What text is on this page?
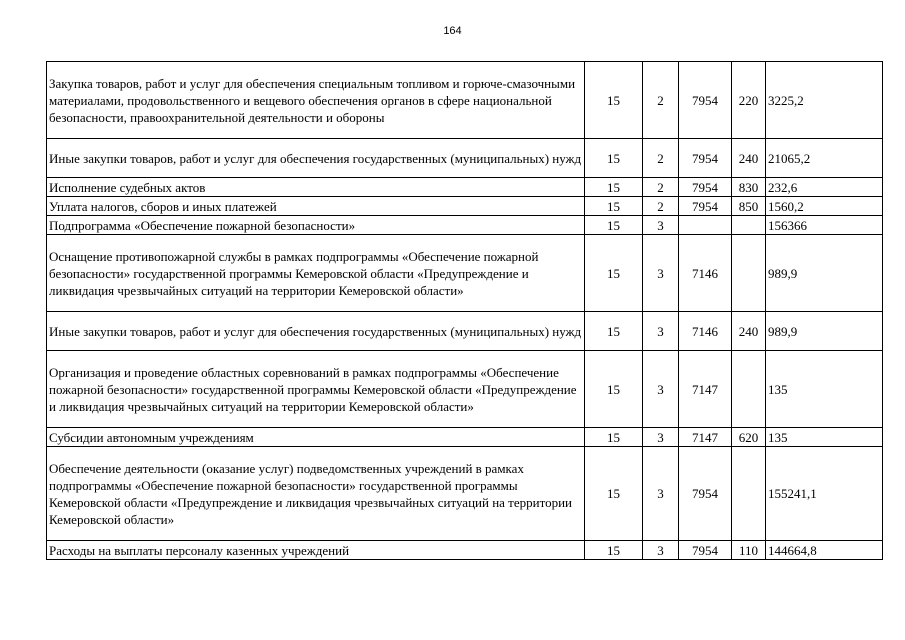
164
Закупка товаров, работ и услуг для обеспечения специальным топливом и горюче-смазочными материалами, продовольственного и вещевого обеспечения органов в сфере национальной безопасности, правоохранительной деятельности и обороны	15	2	7954	220	3225,2
Иные закупки товаров, работ и услуг для обеспечения государственных (муниципальных) нужд	15	2	7954	240	21065,2
Исполнение судебных актов	15	2	7954	830	232,6
Уплата налогов, сборов и иных платежей	15	2	7954	850	1560,2
Подпрограмма «Обеспечение пожарной безопасности»	15	3			156366
Оснащение противопожарной службы в рамках подпрограммы «Обеспечение пожарной безопасности» государственной программы Кемеровской области «Предупреждение и ликвидация чрезвычайных ситуаций на территории Кемеровской области»	15	3	7146		989,9
Иные закупки товаров, работ и услуг для обеспечения государственных (муниципальных) нужд	15	3	7146	240	989,9
Организация и проведение областных соревнований в рамках подпрограммы «Обеспечение пожарной безопасности» государственной программы Кемеровской области «Предупреждение и ликвидация чрезвычайных ситуаций на территории Кемеровской области»	15	3	7147		135
Субсидии автономным учреждениям	15	3	7147	620	135
Обеспечение деятельности (оказание услуг) подведомственных учреждений в рамках подпрограммы «Обеспечение пожарной безопасности» государственной программы Кемеровской области «Предупреждение и ликвидация чрезвычайных ситуаций на территории Кемеровской области»	15	3	7954		155241,1
Расходы на выплаты персоналу казенных учреждений	15	3	7954	110	144664,8
